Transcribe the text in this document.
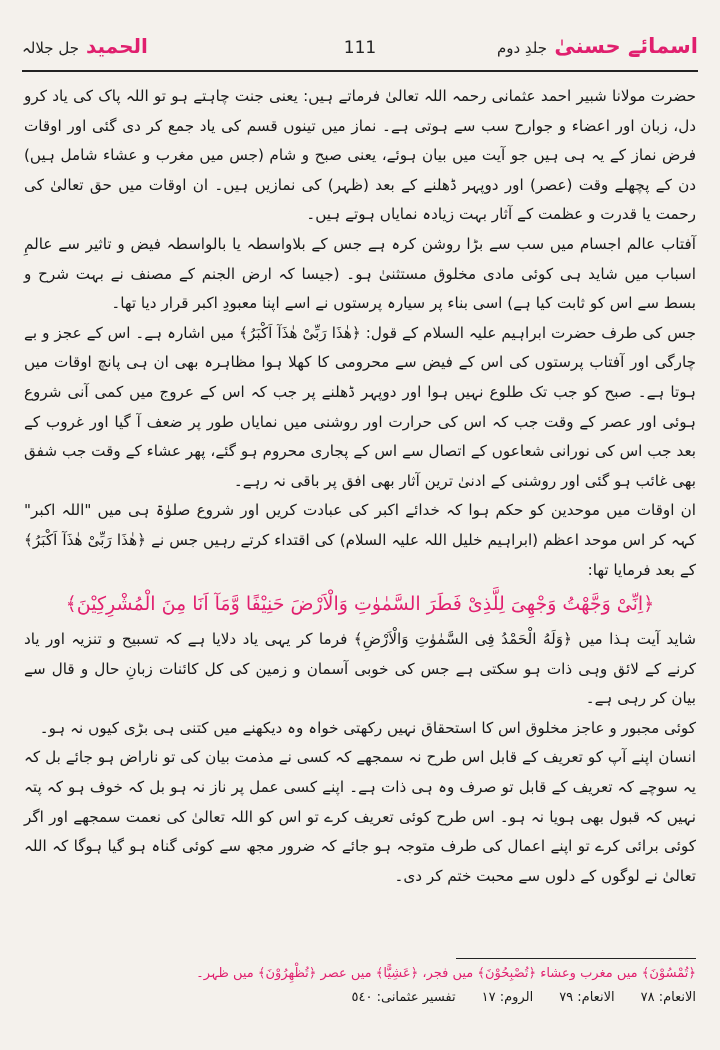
اسمائے حسنیٰ جلدِ دوم
111
الحمید جل جلالہ

حضرت مولانا شبیر احمد عثمانی رحمہ اللہ تعالیٰ فرماتے ہیں: یعنی جنت چاہتے ہو تو اللہ پاک کی یاد کرو دل، زبان اور اعضاء و جوارح سب سے ہوتی ہے۔ نماز میں تینوں قسم کی یاد جمع کر دی گئی اور اوقات فرض نماز کے یہ ہی ہیں جو آیت میں بیان ہوئے، یعنی صبح و شام (جس میں مغرب و عشاء شامل ہیں) دن کے پچھلے وقت (عصر) اور دوپہر ڈھلنے کے بعد (ظہر) کی نمازیں ہیں۔ ان اوقات میں حق تعالیٰ کی رحمت یا قدرت و عظمت کے آثار بہت زیادہ نمایاں ہوتے ہیں۔

آفتاب عالم اجسام میں سب سے بڑا روشن کرہ ہے جس کے بلاواسطہ یا بالواسطہ فیض و تاثیر سے عالمِ اسباب میں شاید ہی کوئی مادی مخلوق مستثنیٰ ہو۔ (جیسا کہ ارض الجنم کے مصنف نے بہت شرح و بسط سے اس کو ثابت کیا ہے) اسی بناء پر سیارہ پرستوں نے اسے اپنا معبودِ اکبر قرار دیا تھا۔

جس کی طرف حضرت ابراہیم علیہ السلام کے قول: ﴿هٰذَا رَبِّیْ هٰذَآ اَكْبَرُ﴾ میں اشارہ ہے۔ اس کے عجز و بے چارگی اور آفتاب پرستوں کی اس کے فیض سے محرومی کا کھلا ہوا مظاہرہ بھی ان ہی پانچ اوقات میں ہوتا ہے۔ صبح کو جب تک طلوع نہیں ہوا اور دوپہر ڈھلنے پر جب کہ اس کے عروج میں کمی آنی شروع ہوئی اور عصر کے وقت جب کہ اس کی حرارت اور روشنی میں نمایاں طور پر ضعف آ گیا اور غروب کے بعد جب اس کی نورانی شعاعوں کے اتصال سے اس کے پجاری محروم ہو گئے، پھر عشاء کے وقت جب شفق بھی غائب ہو گئی اور روشنی کے ادنیٰ ترین آثار بھی افق پر باقی نہ رہے۔

ان اوقات میں موحدین کو حکم ہوا کہ خدائے اکبر کی عبادت کریں اور شروع صلوٰۃ ہی میں "اللہ اکبر" کہہ کر اس موحد اعظم (ابراہیم خلیل اللہ علیہ السلام) کی اقتداء کرتے رہیں جس نے ﴿هٰذَا رَبِّیْ هٰذَآ اَكْبَرُ﴾ کے بعد فرمایا تھا:

﴿اِنِّیْ وَجَّهْتُ وَجْهِیَ لِلَّذِیْ فَطَرَ السَّمٰوٰتِ وَالْاَرْضَ حَنِيْفًا وَّمَآ اَنَا مِنَ الْمُشْرِكِيْنَ﴾

شاید آیت ہذا میں ﴿وَلَهُ الْحَمْدُ فِى السَّمٰوٰتِ وَالْاَرْضِ﴾ فرما کر یہی یاد دلایا ہے کہ تسبیح و تنزیہ اور یاد کرنے کے لائق وہی ذات ہو سکتی ہے جس کی خوبی آسمان و زمین کی کل کائنات زبانِ حال و قال سے بیان کر رہی ہے۔

کوئی مجبور و عاجز مخلوق اس کا استحقاق نہیں رکھتی خواہ وہ دیکھنے میں کتنی ہی بڑی کیوں نہ ہو۔

انسان اپنے آپ کو تعریف کے قابل اس طرح نہ سمجھے کہ کسی نے مذمت بیان کی تو ناراض ہو جائے بل کہ یہ سوچے کہ تعریف کے قابل تو صرف وہ ہی ذات ہے۔ اپنے کسی عمل پر ناز نہ ہو بل کہ خوف ہو کہ پتہ نہیں کہ قبول بھی ہویا نہ ہو۔ اس طرح کوئی تعریف کرے تو اس کو اللہ تعالیٰ کی نعمت سمجھے اور اگر کوئی برائی کرے تو اپنے اعمال کی طرف متوجہ ہو جائے کہ ضرور مجھ سے کوئی گناہ ہو گیا ہوگا کہ اللہ تعالیٰ نے لوگوں کے دلوں سے محبت ختم کر دی۔

﴿تُمْسُوْنَ﴾ میں مغرب وعشاء ﴿تُصْبِحُوْنَ﴾ میں فجر، ﴿عَشِيًّا﴾ میں عصر ﴿تُظْهِرُوْنَ﴾ میں ظہر۔
الانعام: ٧٨
الانعام: ٧٩
الروم: ١٧
تفسیر عثمانی: ٥٤٠
